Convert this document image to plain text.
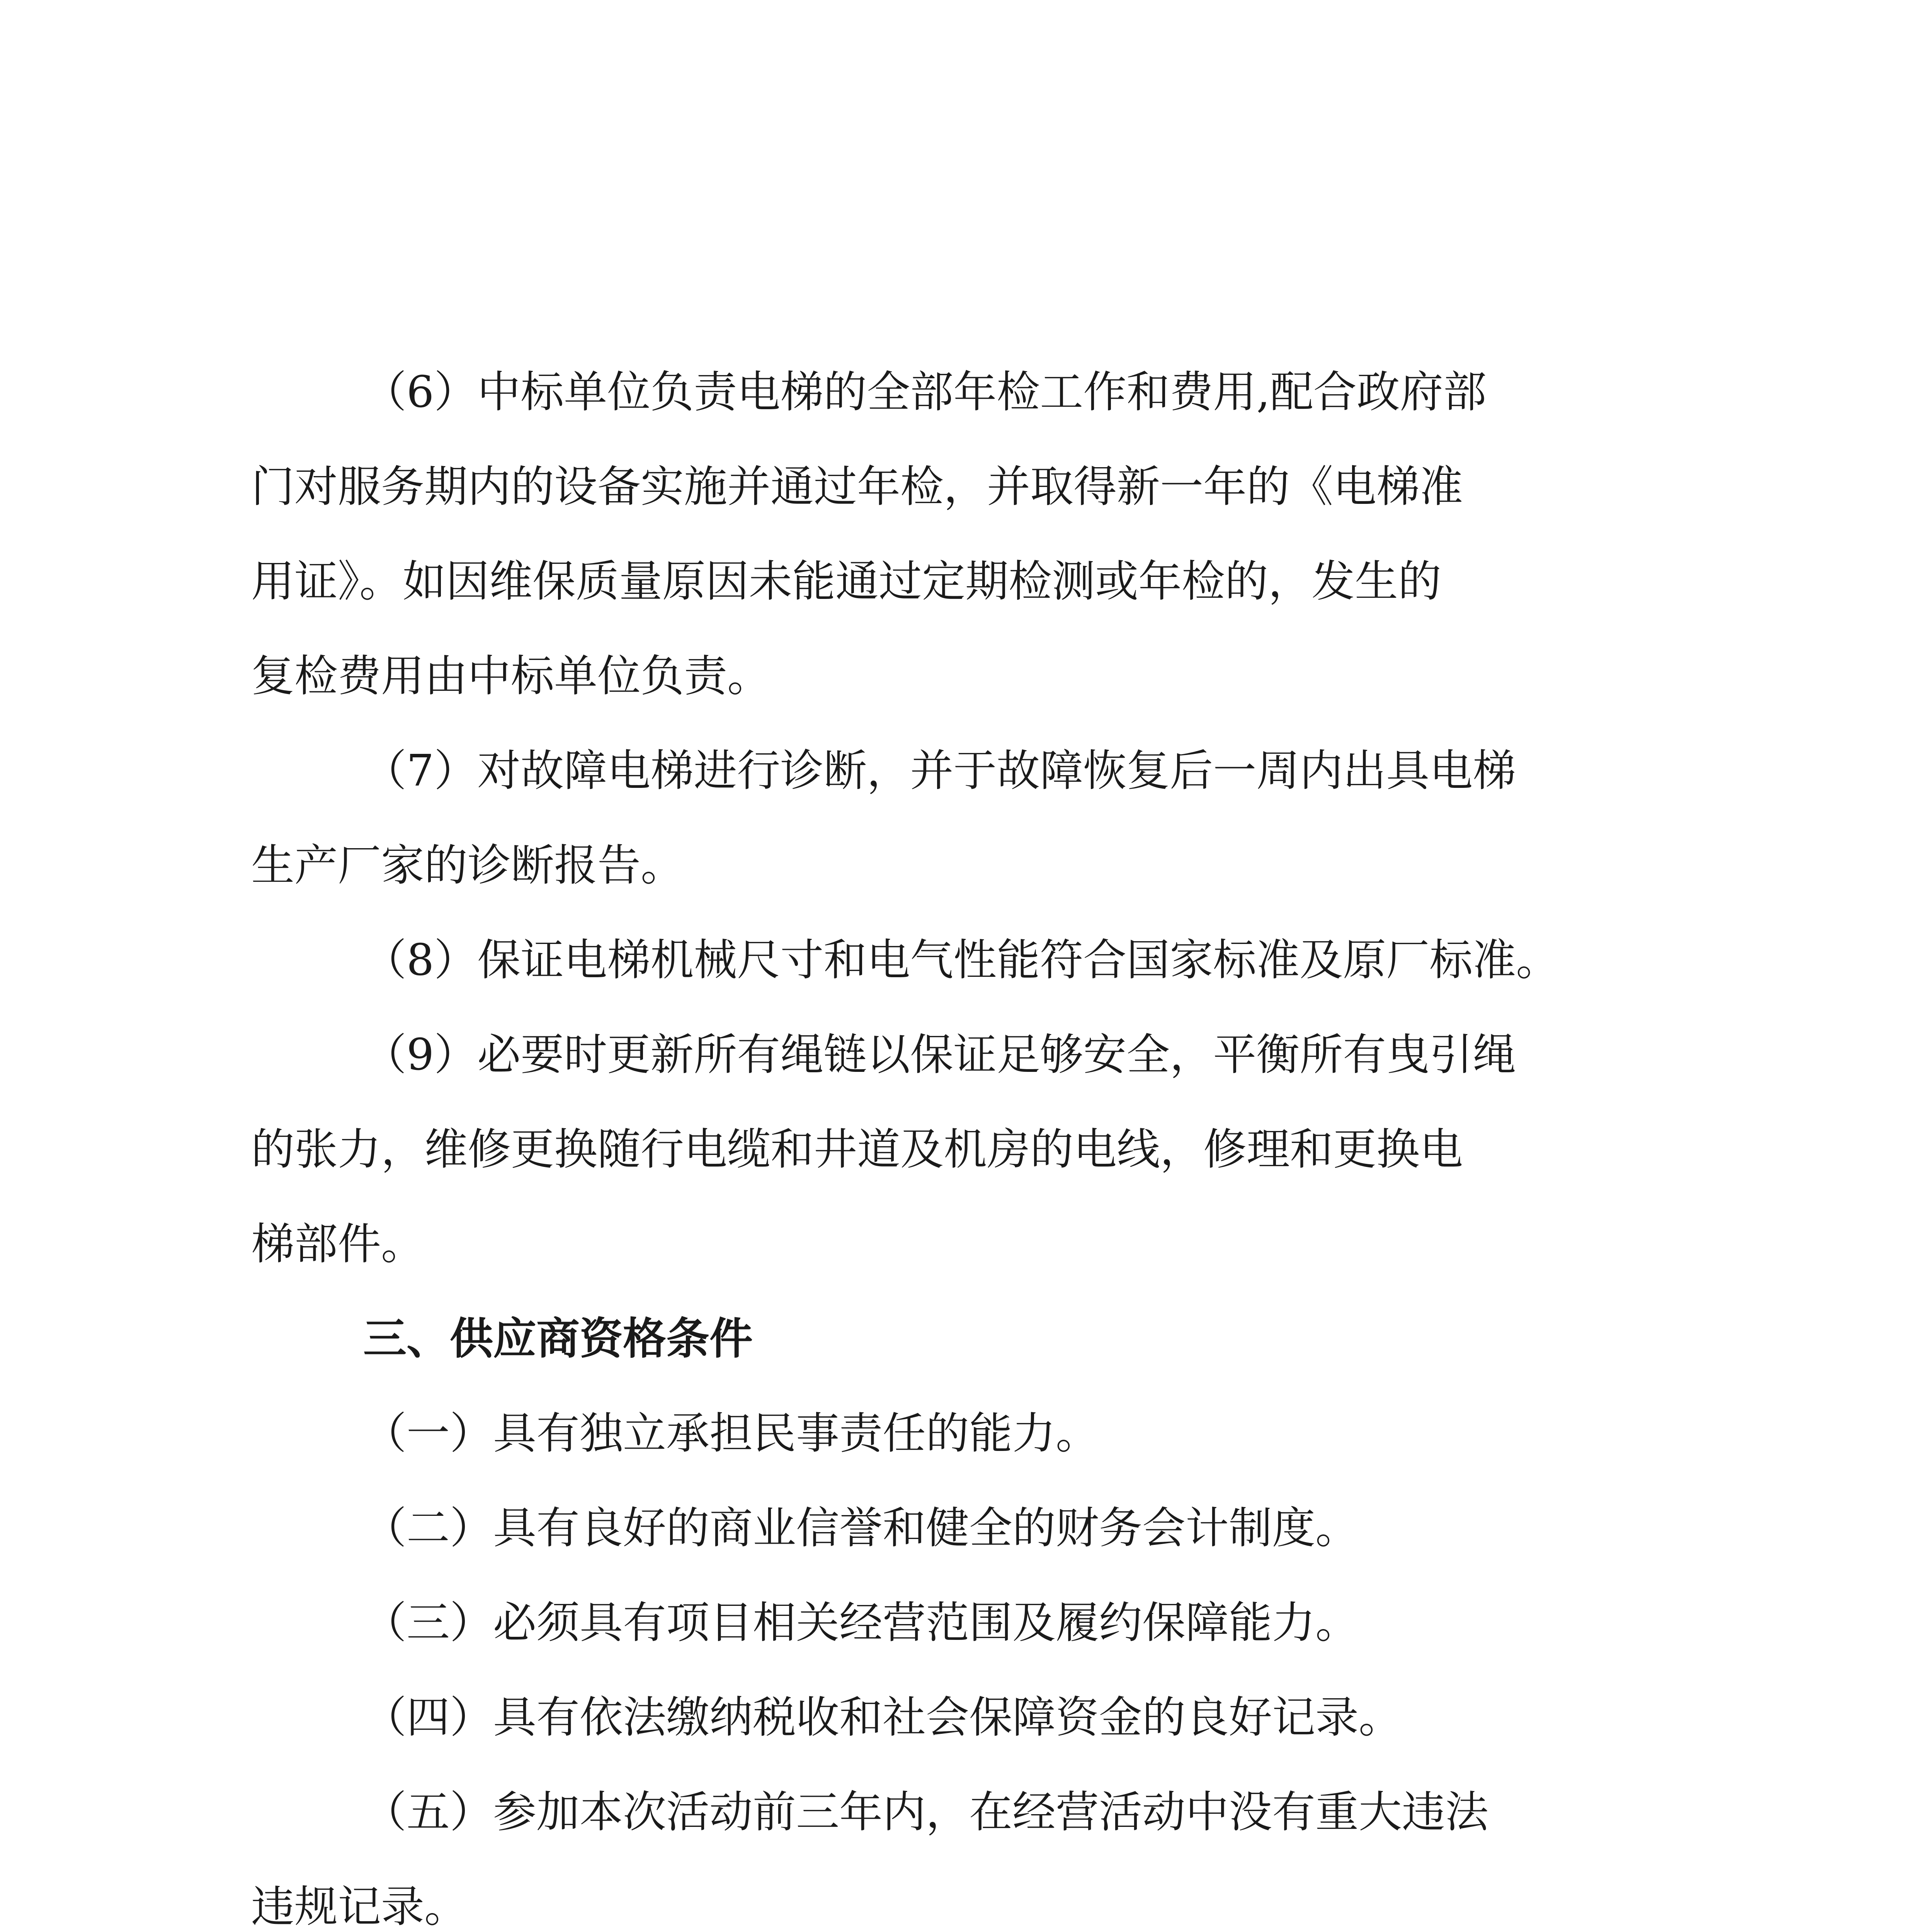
（6）中标单位负责电梯的全部年检工作和费用,配合政府部
门对服务期内的设备实施并通过年检，并取得新一年的《电梯准
用证》。如因维保质量原因未能通过定期检测或年检的，发生的
复检费用由中标单位负责。
（7）对故障电梯进行诊断，并于故障恢复后一周内出具电梯
生产厂家的诊断报告。
（8）保证电梯机械尺寸和电气性能符合国家标准及原厂标准。
（9）必要时更新所有绳链以保证足够安全，平衡所有曳引绳
的张力，维修更换随行电缆和井道及机房的电线，修理和更换电
梯部件。
三、供应商资格条件
（一）具有独立承担民事责任的能力。
（二）具有良好的商业信誉和健全的财务会计制度。
（三）必须具有项目相关经营范围及履约保障能力。
（四）具有依法缴纳税收和社会保障资金的良好记录。
（五）参加本次活动前三年内，在经营活动中没有重大违法
违规记录。
